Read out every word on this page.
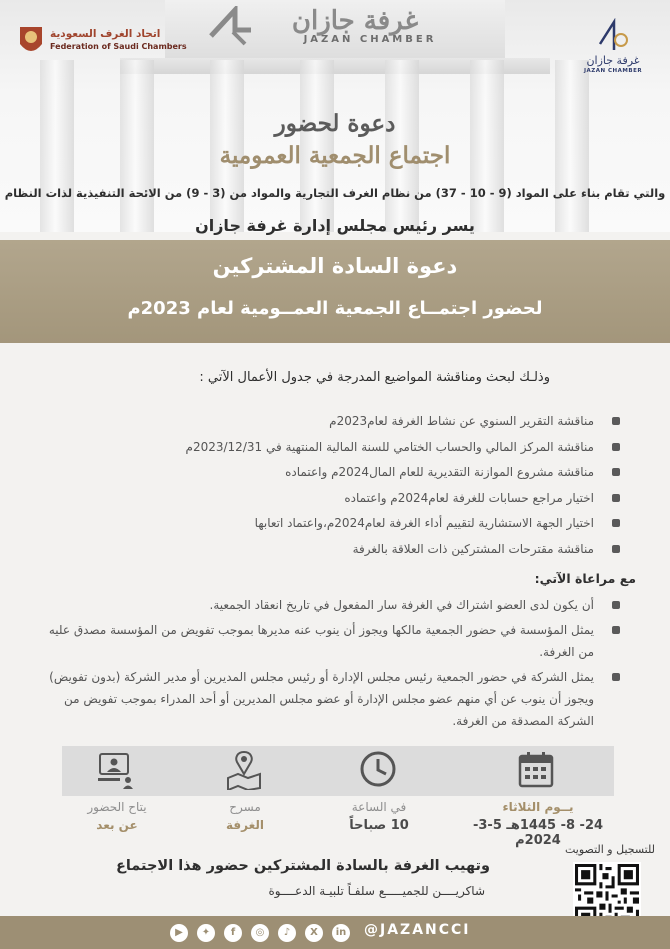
غرفة جازان
JAZAN CHAMBER
اتحاد الغرف السعودية
Federation of Saudi Chambers
غرفة جازان
JAZAN CHAMBER
دعوة لحضور
اجتماع الجمعية العمومية
والتي تقام بناء على المواد (9 - 10 - 37) من نظام الغرف التجارية والمواد من (3 - 9) من الائحة التنفيذية لذات النظام
يسر رئيس مجلس إدارة غرفة جازان
دعوة السادة المشتركين
لحضور اجتمــاع الجمعية العمــومية لعام 2023م
وذلـك لبحث ومناقشة المواضيع المدرجة في جدول الأعمال الآتي :
مناقشة التقرير السنوي عن نشاط الغرفة لعام2023م
مناقشة المركز المالي والحساب الختامي للسنة المالية المنتهية في 2023/12/31م
مناقشة مشروع الموازنة التقديرية للعام المال2024م واعتماده
اختيار مراجع حسابات للغرفة لعام2024م واعتماده
اختيار الجهة الاستشارية لتقييم أداء الغرفة لعام2024م،واعتماد اتعابها
مناقشة مقترحات المشتركين ذات العلاقة بالغرفة
مع مراعاة الآتي:
أن يكون لدى العضو اشتراك في الغرفة سار المفعول في تاريخ انعقاد الجمعية.
يمثل المؤسسة في حضور الجمعية مالكها ويجوز أن ينوب عنه مديرها بموجب تفويض من المؤسسة مصدق عليه من الغرفة.
يمثل الشركة في حضور الجمعية رئيس مجلس الإدارة أو رئيس مجلس المديرين أو مدير الشركة (بدون تفويض) ويجوز أن ينوب عن أي منهم عضو مجلس الإدارة أو عضو مجلس المديرين أو أحد المدراء بموجب تفويض من الشركة المصدقة من الغرفة.
يتاح الحضور
عن بعد
مسرح
الغرفة
في الساعة
10 صباحاً
يــوم الثلاثاء
24- 8- 1445هـ 5-3- 2024م
وتهيب الغرفة بالسادة المشتركين حضور هذا الاجتماع
شاكريــــن للجميـــــع سلفـاً تلبيـة الدعــــوة
للتسجيل و التصويت
▶	✦	f	◎	♪	X	in @JAZANCCI
